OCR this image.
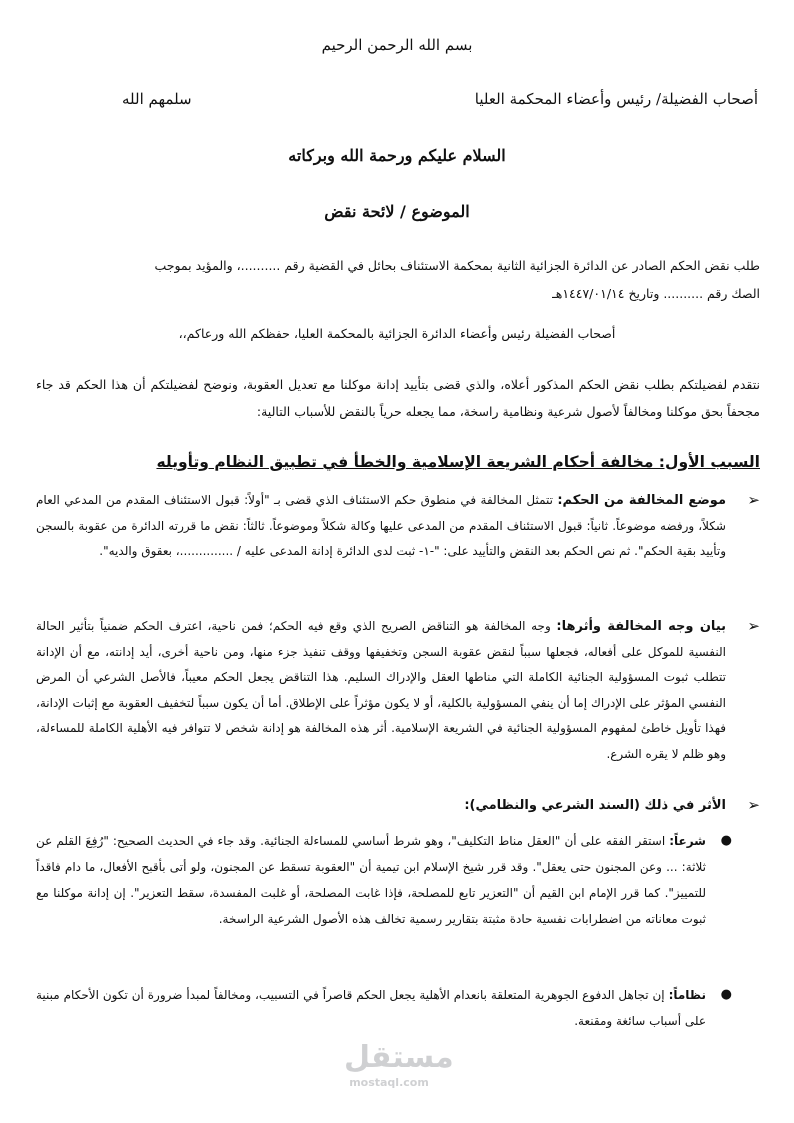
بسم الله الرحمن الرحيم
أصحاب الفضيلة/ رئيس وأعضاء المحكمة العليا
سلمهم الله
السلام عليكم ورحمة الله وبركاته
الموضوع / لائحة نقض
طلب نقض الحكم الصادر عن الدائرة الجزائية الثانية بمحكمة الاستئناف بحائل في القضية رقم ..........، والمؤيد بموجب
الصك رقم .......... وتاريخ ١٤٤٧/٠١/١٤هـ
أصحاب الفضيلة رئيس وأعضاء الدائرة الجزائية بالمحكمة العليا، حفظكم الله ورعاكم،،
نتقدم لفضيلتكم بطلب نقض الحكم المذكور أعلاه، والذي قضى بتأييد إدانة موكلنا مع تعديل العقوبة، ونوضح لفضيلتكم أن هذا الحكم قد جاء مجحفاً بحق موكلنا ومخالفاً لأصول شرعية ونظامية راسخة، مما يجعله حرياً بالنقض للأسباب التالية:
السبب الأول: مخالفة أحكام الشريعة الإسلامية والخطأ في تطبيق النظام وتأويله
➢
موضع المخالفة من الحكم: تتمثل المخالفة في منطوق حكم الاستئناف الذي قضى بـ "أولاً: قبول الاستئناف المقدم من المدعي العام شكلاً، ورفضه موضوعاً. ثانياً: قبول الاستئناف المقدم من المدعى عليها وكالة شكلاً وموضوعاً. ثالثاً: نقض ما قررته الدائرة من عقوبة بالسجن وتأييد بقية الحكم". ثم نص الحكم بعد النقض والتأييد على: "-١- ثبت لدى الدائرة إدانة المدعى عليه / ..............، بعقوق والديه".
➢
بيان وجه المخالفة وأثرها: وجه المخالفة هو التناقض الصريح الذي وقع فيه الحكم؛ فمن ناحية، اعترف الحكم ضمنياً بتأثير الحالة النفسية للموكل على أفعاله، فجعلها سبباً لنقض عقوبة السجن وتخفيفها ووقف تنفيذ جزء منها، ومن ناحية أخرى، أيد إدانته، مع أن الإدانة تتطلب ثبوت المسؤولية الجنائية الكاملة التي مناطها العقل والإدراك السليم. هذا التناقض يجعل الحكم معيباً، فالأصل الشرعي أن المرض النفسي المؤثر على الإدراك إما أن ينفي المسؤولية بالكلية، أو لا يكون مؤثراً على الإطلاق. أما أن يكون سبباً لتخفيف العقوبة مع إثبات الإدانة، فهذا تأويل خاطئ لمفهوم المسؤولية الجنائية في الشريعة الإسلامية. أثر هذه المخالفة هو إدانة شخص لا تتوافر فيه الأهلية الكاملة للمساءلة، وهو ظلم لا يقره الشرع.
➢
الأثر في ذلك (السند الشرعي والنظامي):
●
شرعاً: استقر الفقه على أن "العقل مناط التكليف"، وهو شرط أساسي للمساءلة الجنائية. وقد جاء في الحديث الصحيح: "رُفِعَ القلم عن ثلاثة: ... وعن المجنون حتى يعقل". وقد قرر شيخ الإسلام ابن تيمية أن "العقوبة تسقط عن المجنون، ولو أتى بأقبح الأفعال، ما دام فاقداً للتمييز". كما قرر الإمام ابن القيم أن "التعزير تابع للمصلحة، فإذا غابت المصلحة، أو غلبت المفسدة، سقط التعزير". إن إدانة موكلنا مع ثبوت معاناته من اضطرابات نفسية حادة مثبتة بتقارير رسمية تخالف هذه الأصول الشرعية الراسخة.
●
نظاماً: إن تجاهل الدفوع الجوهرية المتعلقة بانعدام الأهلية يجعل الحكم قاصراً في التسبيب، ومخالفاً لمبدأ ضرورة أن تكون الأحكام مبنية على أسباب سائغة ومقنعة.
مستقل
mostaql.com
